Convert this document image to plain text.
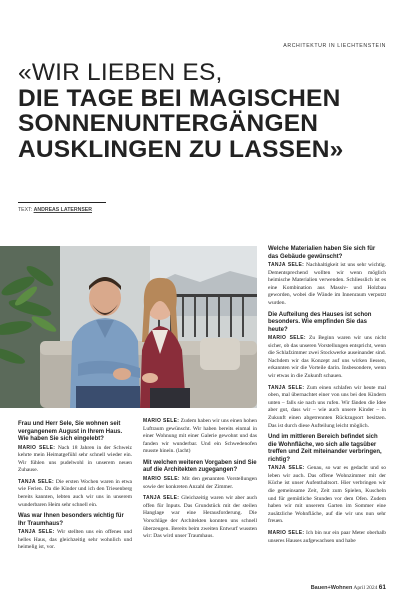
ARCHITEKTUR IN LIECHTENSTEIN
«WIR LIEBEN ES,
DIE TAGE BEI MAGISCHEN
SONNENUNTERGÄNGEN
AUSKLINGEN ZU LASSEN»
TEXT: ANDREAS LATERNSER
Frau und Herr Sele, Sie wohnen seit vergangenem August in Ihrem Haus. Wie haben Sie sich eingelebt?

MARIO SELE: Nach 18 Jahren in der Schweiz kehrte mein Heimatgefühl sehr schnell wieder ein. Wir fühlen uns pudelwohl in unserem neuen Zuhause.

TANJA SELE: Die ersten Wochen waren in etwa wie Ferien. Da die Kinder und ich den Triesenberg bereits kannten, lebten auch wir uns in unserem wunderbaren Heim sehr schnell ein.

Was war Ihnen besonders wichtig für Ihr Traumhaus?

TANJA SELE: Wir stellten uns ein offenes und helles Haus, das gleichzeitig sehr wohnlich und heimelig ist, vor.

MARIO SELE: Zudem haben wir uns einen hohen Luftraum gewünscht. Wir haben bereits einmal in einer Wohnung mit einer Galerie gewohnt und das fanden wir wunderbar. Und ein Schwedenofen musste hinein. (lacht)

Mit welchen weiteren Vorgaben sind Sie auf die Architekten zugegangen?

MARIO SELE: Mit den genannten Vorstellungen sowie der konkreten Anzahl der Zimmer.

TANJA SELE: Gleichzeitig waren wir aber auch offen für Inputs. Das Grundstück mit der steilen Hanglage war eine Herausforderung. Die Vorschläge der Architekten konnten uns schnell überzeugen. Bereits beim zweiten Entwurf wussten wir: Das wird unser Traumhaus.

Welche Materialien haben Sie sich für das Gebäude gewünscht?

TANJA SELE: Nachhaltigkeit ist uns sehr wichtig. Dementsprechend wollten wir wenn möglich heimische Materialien verwenden. Schliesslich ist es eine Kombination aus Massiv- und Holzbau geworden, wobei die Wände im Innenraum verputzt wurden.

Die Aufteilung des Hauses ist schon besonders. Wie empfinden Sie das heute?

MARIO SELE: Zu Beginn waren wir uns nicht sicher, ob das unseren Vorstellungen entspricht, wenn die Schlafzimmer zwei Stockwerke auseinander sind. Nachdem wir das Konzept auf uns wirken liessen, erkannten wir die Vorteile darin. Insbesondere, wenn wir etwas in die Zukunft schauen.

TANJA SELE: Zum einen schlafen wir heute mal oben, mal übernachtet einer von uns bei den Kindern unten – falls sie nach uns rufen. Wir fänden die Idee aber gut, dass wir – wie auch unsere Kinder – in Zukunft einen abgetrennten Rückzugsort besitzen. Das ist durch diese Aufteilung leicht möglich.

Und im mittleren Bereich befindet sich die Wohnfläche, wo sich alle tagsüber treffen und Zeit miteinander verbringen, richtig?

TANJA SELE: Genau, so war es gedacht und so leben wir auch. Das offene Wohnzimmer mit der Küche ist unser Aufenthaltsort. Hier verbringen wir die gemeinsame Zeit, Zeit zum Spielen, Kuscheln und für gemütliche Stunden vor dem Ofen. Zudem haben wir mit unserem Garten im Sommer eine zusätzliche Wohnfläche, auf die wir uns nun sehr freuen.

MARIO SELE: Ich bin nur ein paar Meter oberhalb unseres Hauses aufgewachsen und habe

Bauen+Wohnen April 2024 61
